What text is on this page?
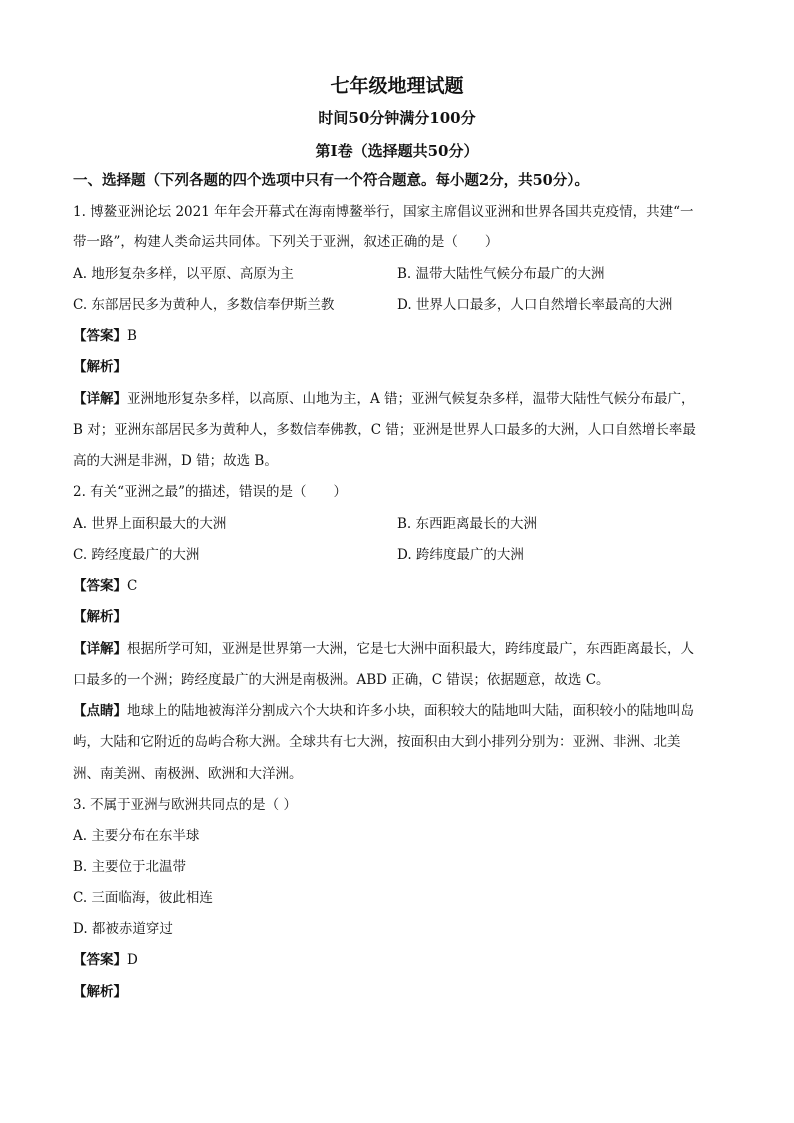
七年级地理试题
时间50分钟满分100分
第Ⅰ卷（选择题共50分）
一、选择题（下列各题的四个选项中只有一个符合题意。每小题2分，共50分）。
1. 博鳌亚洲论坛 2021 年年会开幕式在海南博鳌举行，国家主席倡议亚洲和世界各国共克疫情，共建“一
带一路”，构建人类命运共同体。下列关于亚洲，叙述正确的是（　　）
A. 地形复杂多样，以平原、高原为主	B. 温带大陆性气候分布最广的大洲
C. 东部居民多为黄种人，多数信奉伊斯兰教	D. 世界人口最多，人口自然增长率最高的大洲
【答案】B
【解析】
【详解】亚洲地形复杂多样，以高原、山地为主，A 错；亚洲气候复杂多样，温带大陆性气候分布最广，
B 对；亚洲东部居民多为黄种人，多数信奉佛教，C 错；亚洲是世界人口最多的大洲，人口自然增长率最
高的大洲是非洲，D 错；故选 B。
2. 有关“亚洲之最”的描述，错误的是（　　）
A. 世界上面积最大的大洲	B. 东西距离最长的大洲
C. 跨经度最广的大洲	D. 跨纬度最广的大洲
【答案】C
【解析】
【详解】根据所学可知，亚洲是世界第一大洲，它是七大洲中面积最大，跨纬度最广，东西距离最长，人
口最多的一个洲；跨经度最广的大洲是南极洲。ABD 正确，C 错误；依据题意，故选 C。
【点睛】地球上的陆地被海洋分割成六个大块和许多小块，面积较大的陆地叫大陆，面积较小的陆地叫岛
屿，大陆和它附近的岛屿合称大洲。全球共有七大洲，按面积由大到小排列分别为：亚洲、非洲、北美
洲、南美洲、南极洲、欧洲和大洋洲。
3. 不属于亚洲与欧洲共同点的是（ ）
A. 主要分布在东半球
B. 主要位于北温带
C. 三面临海，彼此相连
D. 都被赤道穿过
【答案】D
【解析】
